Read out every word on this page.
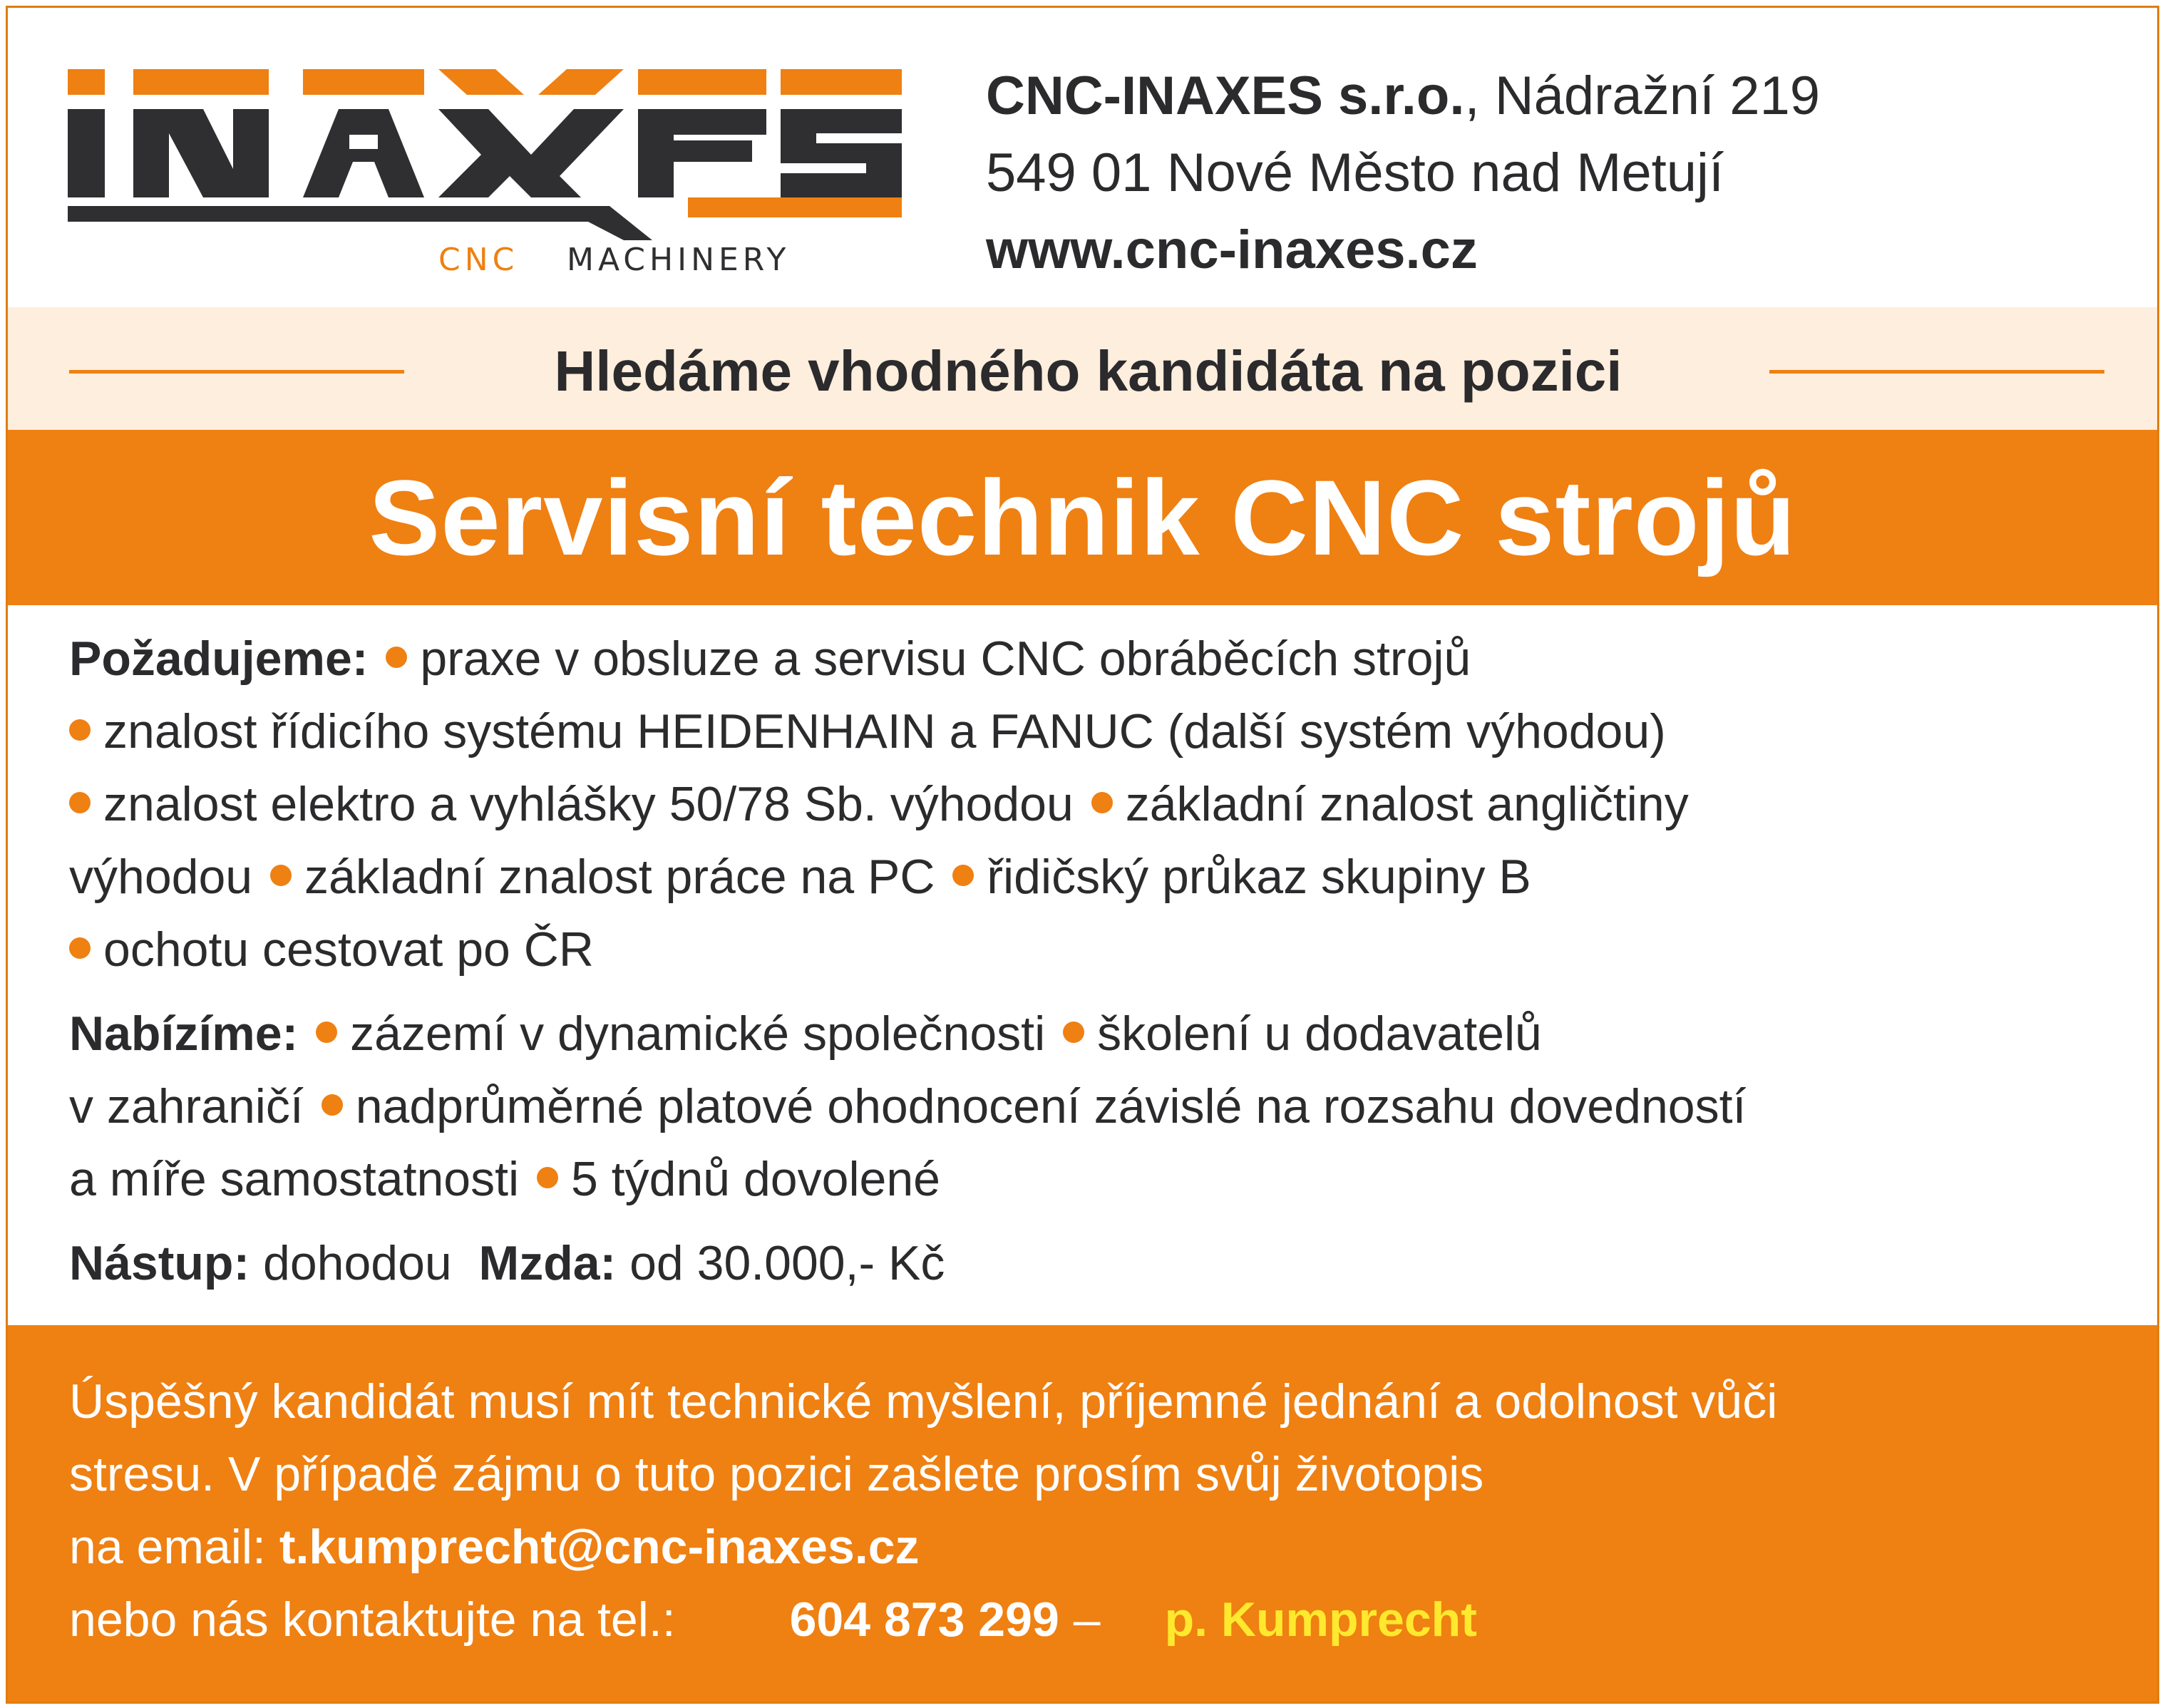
CNC MACHINERY
CNC-INAXES s.r.o., Nádražní 219
549 01 Nové Město nad Metují
www.cnc-inaxes.cz
Hledáme vhodného kandidáta na pozici
Servisní technik CNC strojů
Požadujeme: praxe v obsluze a servisu CNC obráběcích strojů
znalost řídicího systému HEIDENHAIN a FANUC (další systém výhodou)
znalost elektro a vyhlášky 50/78 Sb. výhodou základní znalost angličtiny
výhodou základní znalost práce na PC řidičský průkaz skupiny B
ochotu cestovat po ČR
Nabízíme: zázemí v dynamické společnosti školení u dodavatelů
v zahraničí nadprůměrné platové ohodnocení závislé na rozsahu dovedností
a míře samostatnosti 5 týdnů dovolené
Nástup: dohodou Mzda: od 30.000,- Kč
Úspěšný kandidát musí mít technické myšlení, příjemné jednání a odolnost vůči
stresu. V případě zájmu o tuto pozici zašlete prosím svůj životopis
na email: t.kumprecht@cnc-inaxes.cz
nebo nás kontaktujte na tel.: 604 873 299 – p. Kumprecht
